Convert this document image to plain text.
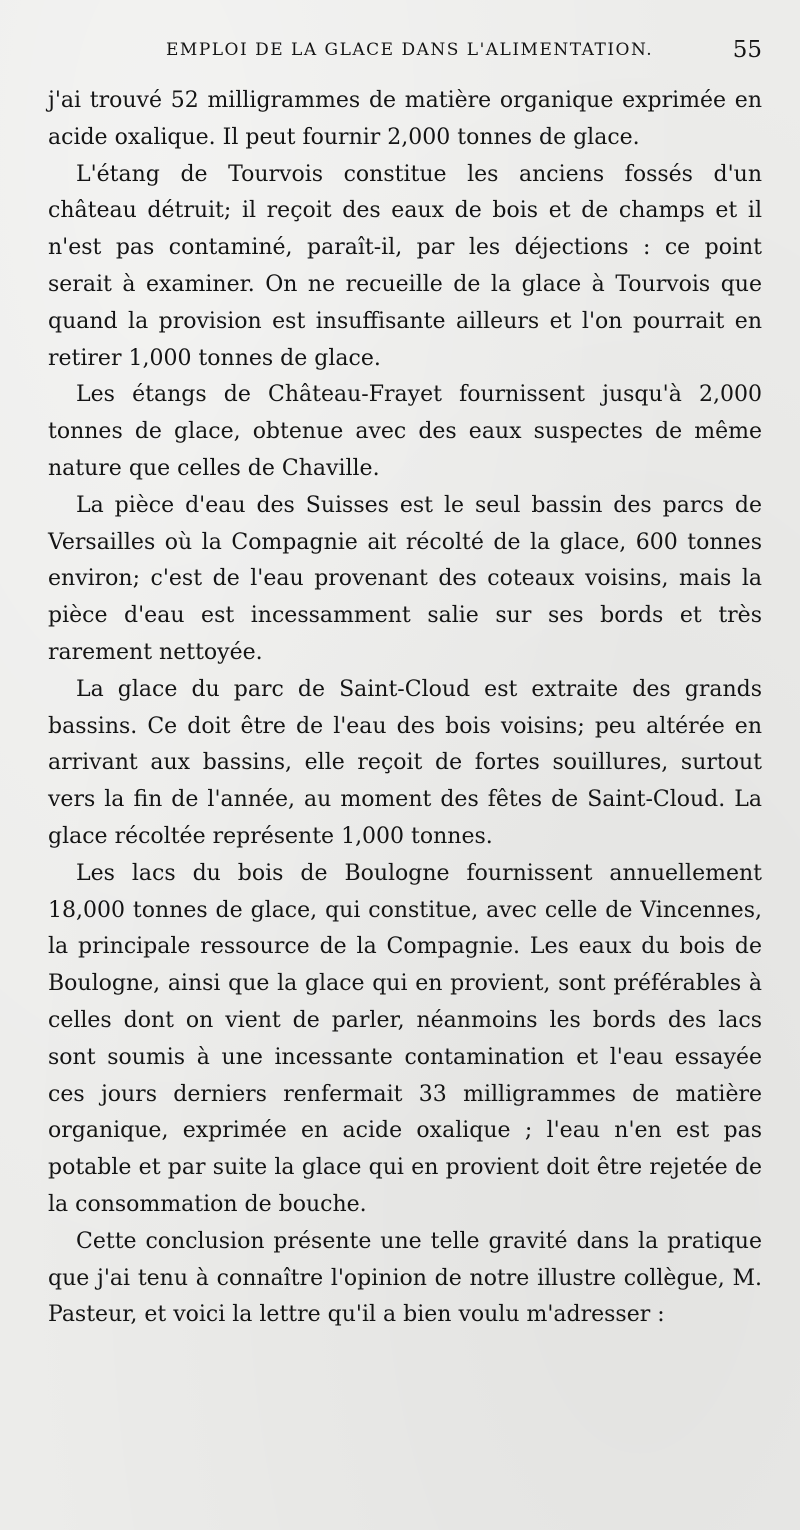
EMPLOI DE LA GLACE DANS L'ALIMENTATION.	55

j'ai trouvé 52 milligrammes de matière organique exprimée en acide oxalique. Il peut fournir 2,000 tonnes de glace.

L'étang de Tourvois constitue les anciens fossés d'un château détruit; il reçoit des eaux de bois et de champs et il n'est pas contaminé, paraît-il, par les déjections : ce point serait à examiner. On ne recueille de la glace à Tourvois que quand la provision est insuffisante ailleurs et l'on pourrait en retirer 1,000 tonnes de glace.

Les étangs de Château-Frayet fournissent jusqu'à 2,000 tonnes de glace, obtenue avec des eaux suspectes de même nature que celles de Chaville.

La pièce d'eau des Suisses est le seul bassin des parcs de Versailles où la Compagnie ait récolté de la glace, 600 tonnes environ; c'est de l'eau provenant des coteaux voisins, mais la pièce d'eau est incessamment salie sur ses bords et très rarement nettoyée.

La glace du parc de Saint-Cloud est extraite des grands bassins. Ce doit être de l'eau des bois voisins; peu altérée en arrivant aux bassins, elle reçoit de fortes souillures, surtout vers la fin de l'année, au moment des fêtes de Saint-Cloud. La glace récoltée représente 1,000 tonnes.

Les lacs du bois de Boulogne fournissent annuellement 18,000 tonnes de glace, qui constitue, avec celle de Vincennes, la principale ressource de la Compagnie. Les eaux du bois de Boulogne, ainsi que la glace qui en provient, sont préférables à celles dont on vient de parler, néanmoins les bords des lacs sont soumis à une incessante contamination et l'eau essayée ces jours derniers renfermait 33 milligrammes de matière organique, exprimée en acide oxalique ; l'eau n'en est pas potable et par suite la glace qui en provient doit être rejetée de la consommation de bouche.

Cette conclusion présente une telle gravité dans la pratique que j'ai tenu à connaître l'opinion de notre illustre collègue, M. Pasteur, et voici la lettre qu'il a bien voulu m'adresser :
